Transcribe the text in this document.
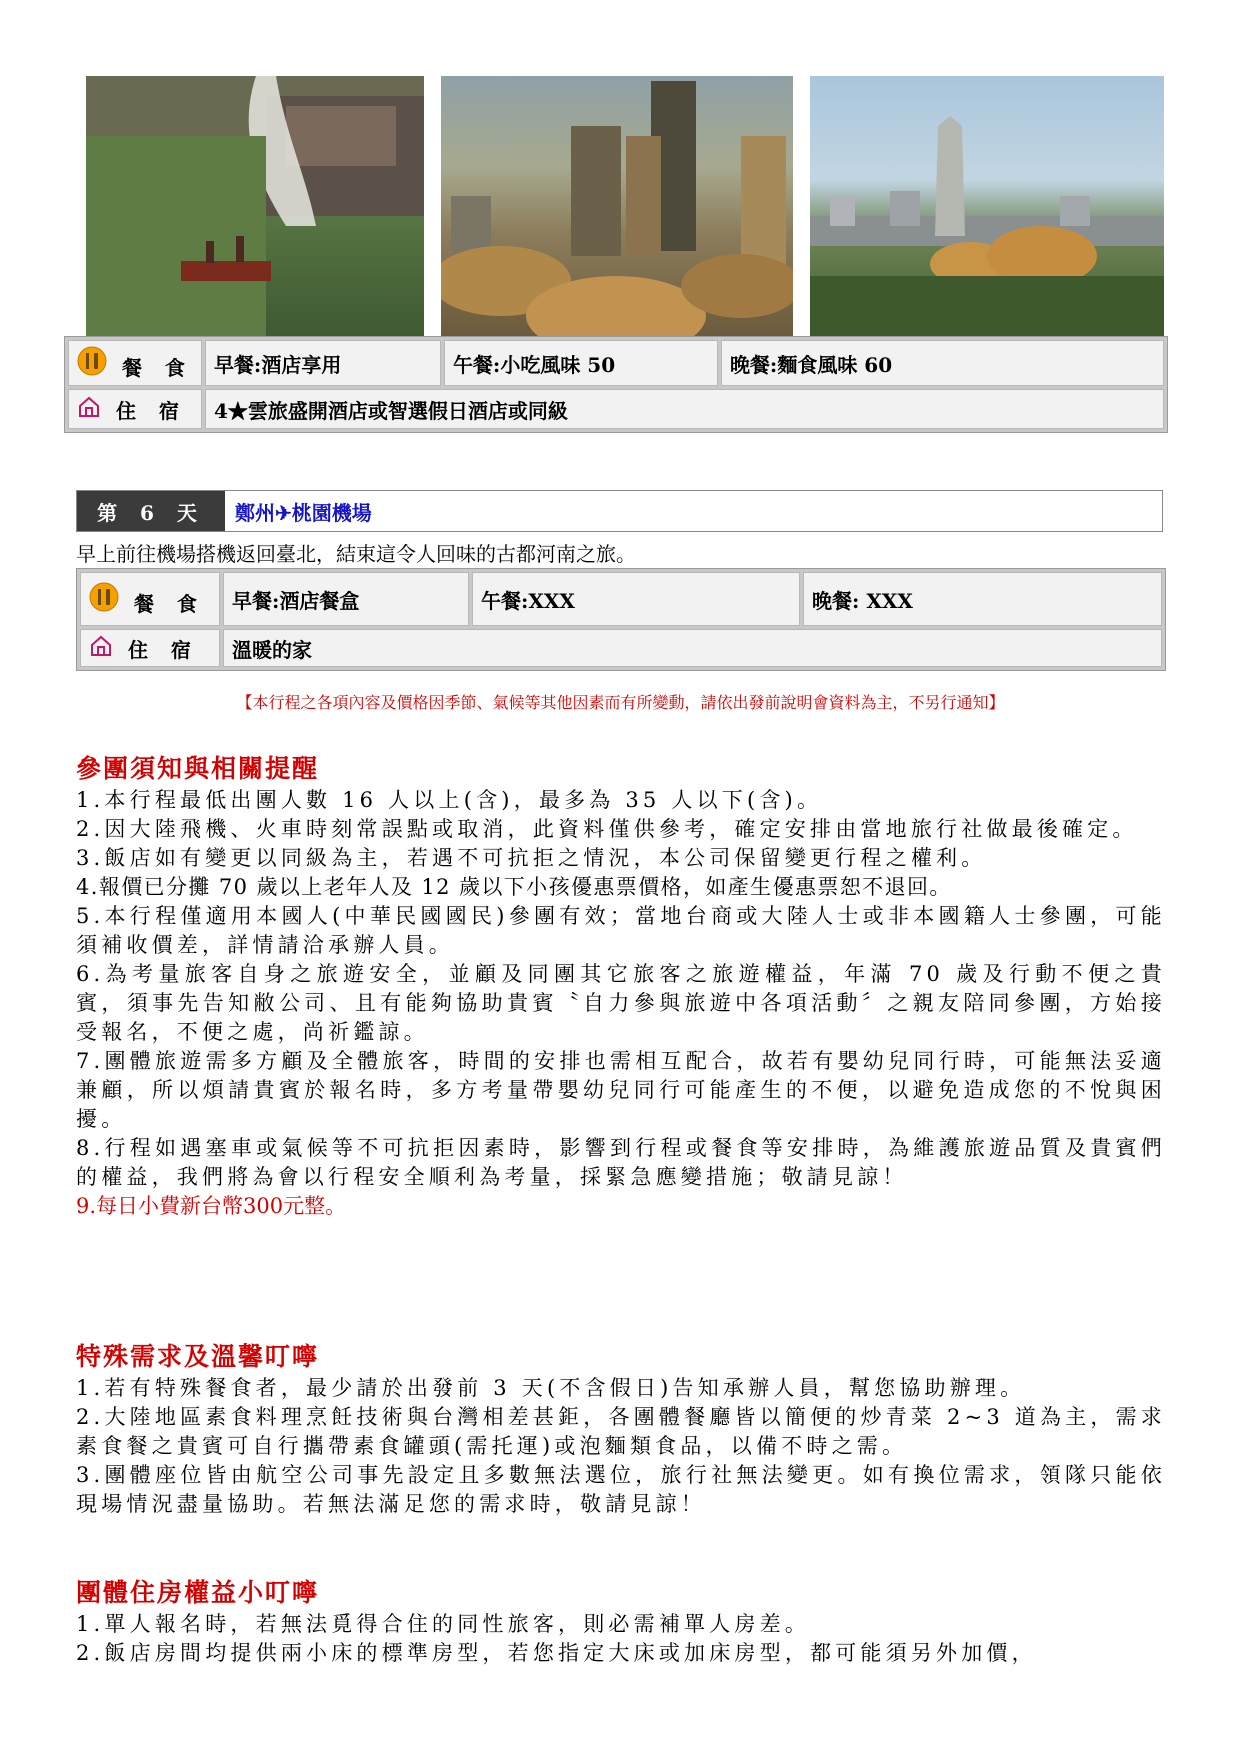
餐 食	早餐:酒店享用	午餐:小吃風味 50	晚餐:麵食風味 60
住 宿	4★雲旅盛開酒店或智選假日酒店或同級		
第 6 天	鄭州✈桃園機場
早上前往機場搭機返回臺北，結束這令人回味的古都河南之旅。
餐 食	早餐:酒店餐盒	午餐:XXX	晚餐: XXX
住 宿	溫暖的家		
【本行程之各項內容及價格因季節、氣候等其他因素而有所變動，請依出發前說明會資料為主，不另行通知】
參團須知與相關提醒

1.本行程最低出團人數 16 人以上(含)，最多為 35 人以下(含)。

2.因大陸飛機、火車時刻常誤點或取消，此資料僅供參考，確定安排由當地旅行社做最後確定。

3.飯店如有變更以同級為主，若遇不可抗拒之情況，本公司保留變更行程之權利。

4.報價已分攤 70 歲以上老年人及 12 歲以下小孩優惠票價格，如產生優惠票恕不退回。

5.本行程僅適用本國人(中華民國國民)參團有效；當地台商或大陸人士或非本國籍人士參團，可能須補收價差，詳情請洽承辦人員。

6.為考量旅客自身之旅遊安全，並顧及同團其它旅客之旅遊權益，年滿 70 歲及行動不便之貴賓，須事先告知敝公司、且有能夠協助貴賓〝自力參與旅遊中各項活動〞之親友陪同參團，方始接受報名，不便之處，尚祈鑑諒。

7.團體旅遊需多方顧及全體旅客，時間的安排也需相互配合，故若有嬰幼兒同行時，可能無法妥適兼顧，所以煩請貴賓於報名時，多方考量帶嬰幼兒同行可能產生的不便，以避免造成您的不悅與困擾。

8.行程如遇塞車或氣候等不可抗拒因素時，影響到行程或餐食等安排時，為維護旅遊品質及貴賓們的權益，我們將為會以行程安全順利為考量，採緊急應變措施；敬請見諒！

9.每日小費新台幣300元整。

特殊需求及溫馨叮嚀

1.若有特殊餐食者，最少請於出發前 3 天(不含假日)告知承辦人員，幫您協助辦理。

2.大陸地區素食料理烹飪技術與台灣相差甚鉅，各團體餐廳皆以簡便的炒青菜 2~3 道為主，需求素食餐之貴賓可自行攜帶素食罐頭(需托運)或泡麵類食品，以備不時之需。

3.團體座位皆由航空公司事先設定且多數無法選位，旅行社無法變更。如有換位需求，領隊只能依現場情況盡量協助。若無法滿足您的需求時，敬請見諒！

團體住房權益小叮嚀

1.單人報名時，若無法覓得合住的同性旅客，則必需補單人房差。

2.飯店房間均提供兩小床的標準房型，若您指定大床或加床房型，都可能須另外加價，
